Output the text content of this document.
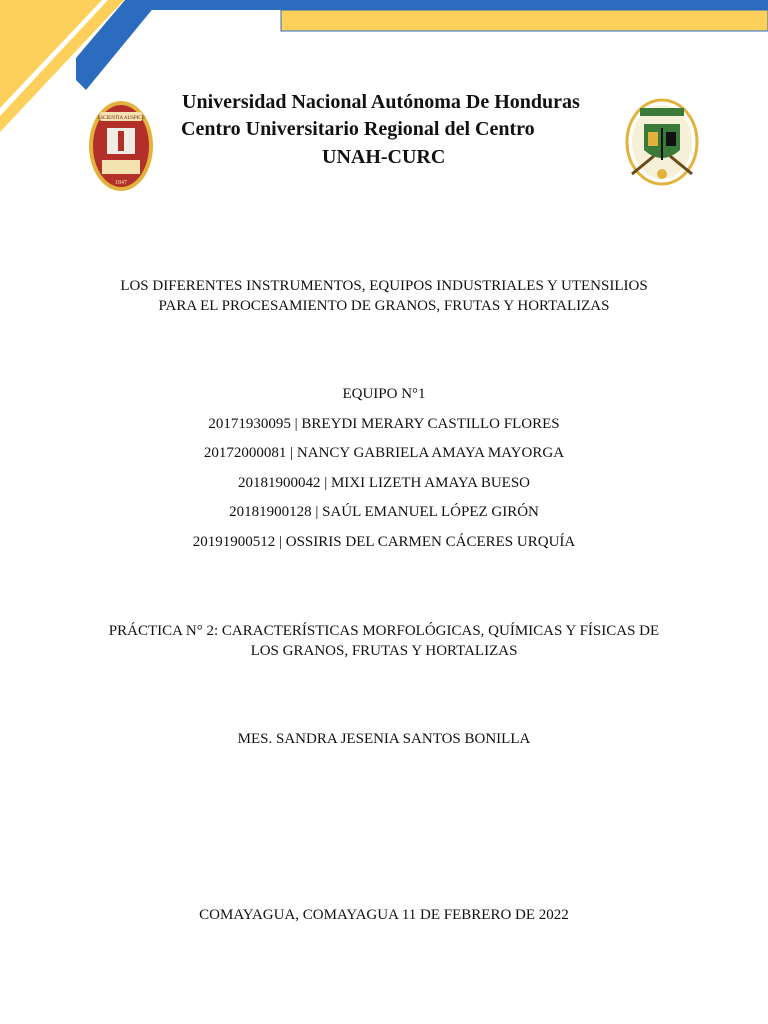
ESCIENTIA AUSPICE
1847
Universidad Nacional Autónoma De Honduras
Centro Universitario Regional del Centro
UNAH-CURC

LOS DIFERENTES INSTRUMENTOS, EQUIPOS INDUSTRIALES Y UTENSILIOS

PARA EL PROCESAMIENTO DE GRANOS, FRUTAS Y HORTALIZAS

EQUIPO N°1

20171930095 | BREYDI MERARY CASTILLO FLORES

20172000081 | NANCY GABRIELA AMAYA MAYORGA

20181900042 | MIXI LIZETH AMAYA BUESO

20181900128 | SAÚL EMANUEL LÓPEZ GIRÓN

20191900512 | OSSIRIS DEL CARMEN CÁCERES URQUÍA

PRÁCTICA N° 2: CARACTERÍSTICAS MORFOLÓGICAS, QUÍMICAS Y FÍSICAS DE

LOS GRANOS, FRUTAS Y HORTALIZAS

MES. SANDRA JESENIA SANTOS BONILLA

COMAYAGUA, COMAYAGUA 11 DE FEBRERO DE 2022
